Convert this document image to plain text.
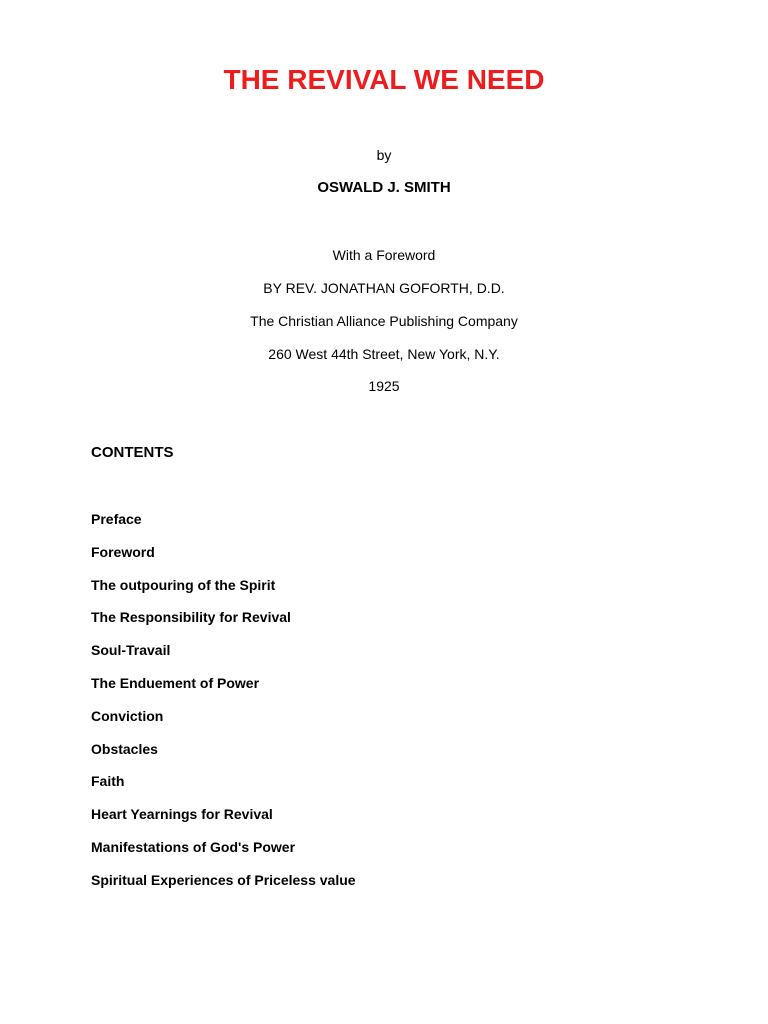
THE REVIVAL WE NEED
by
OSWALD J. SMITH
With a Foreword
BY REV. JONATHAN GOFORTH, D.D.
The Christian Alliance Publishing Company
260 West 44th Street, New York, N.Y.
1925
CONTENTS
Preface
Foreword
The outpouring of the Spirit
The Responsibility for Revival
Soul-Travail
The Enduement of Power
Conviction
Obstacles
Faith
Heart Yearnings for Revival
Manifestations of God's Power
Spiritual Experiences of Priceless value
